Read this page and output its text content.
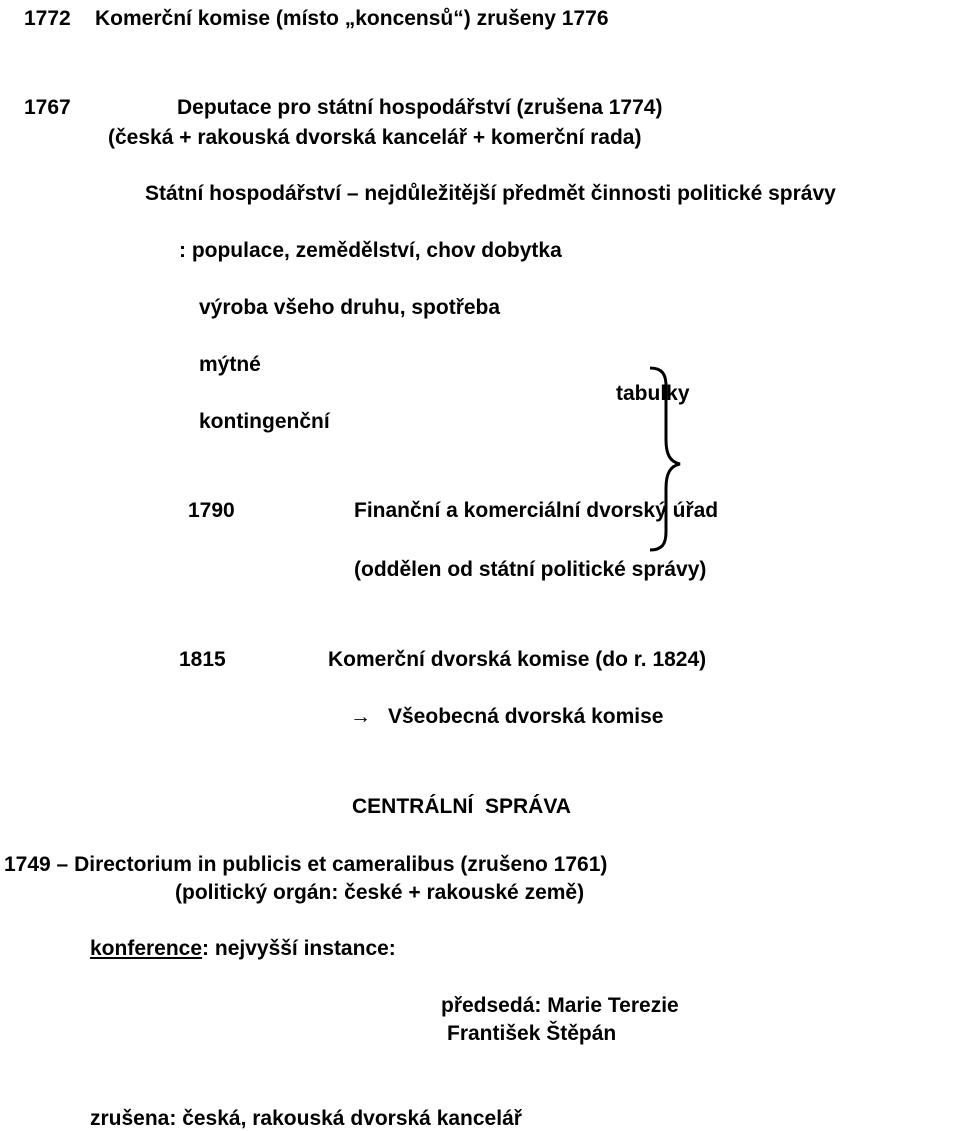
1772 Komerční komise (místo „koncensů“) zrušeny 1776
1767	Deputace pro státní hospodářství (zrušena 1774)
(česká + rakouská dvorská kancelář + komerční rada)
Státní hospodářství – nejdůležitější předmět činnosti politické správy
: populace, zemědělství, chov dobytka
výroba všeho druhu, spotřeba
mýtné
kontingenční
tabulky
1790	Finanční a komerciální dvorský úřad
(oddělen od státní politické správy)
1815	Komerční dvorská komise (do r. 1824)
→ Všeobecná dvorská komise
CENTRÁLNÍ  SPRÁVA
1749 – Directorium in publicis et cameralibus (zrušeno 1761)
(politický orgán: české + rakouské země)
konference: nejvyšší instance:
předsedá: Marie Terezie
František Štěpán
zrušena: česká, rakouská dvorská kancelář
